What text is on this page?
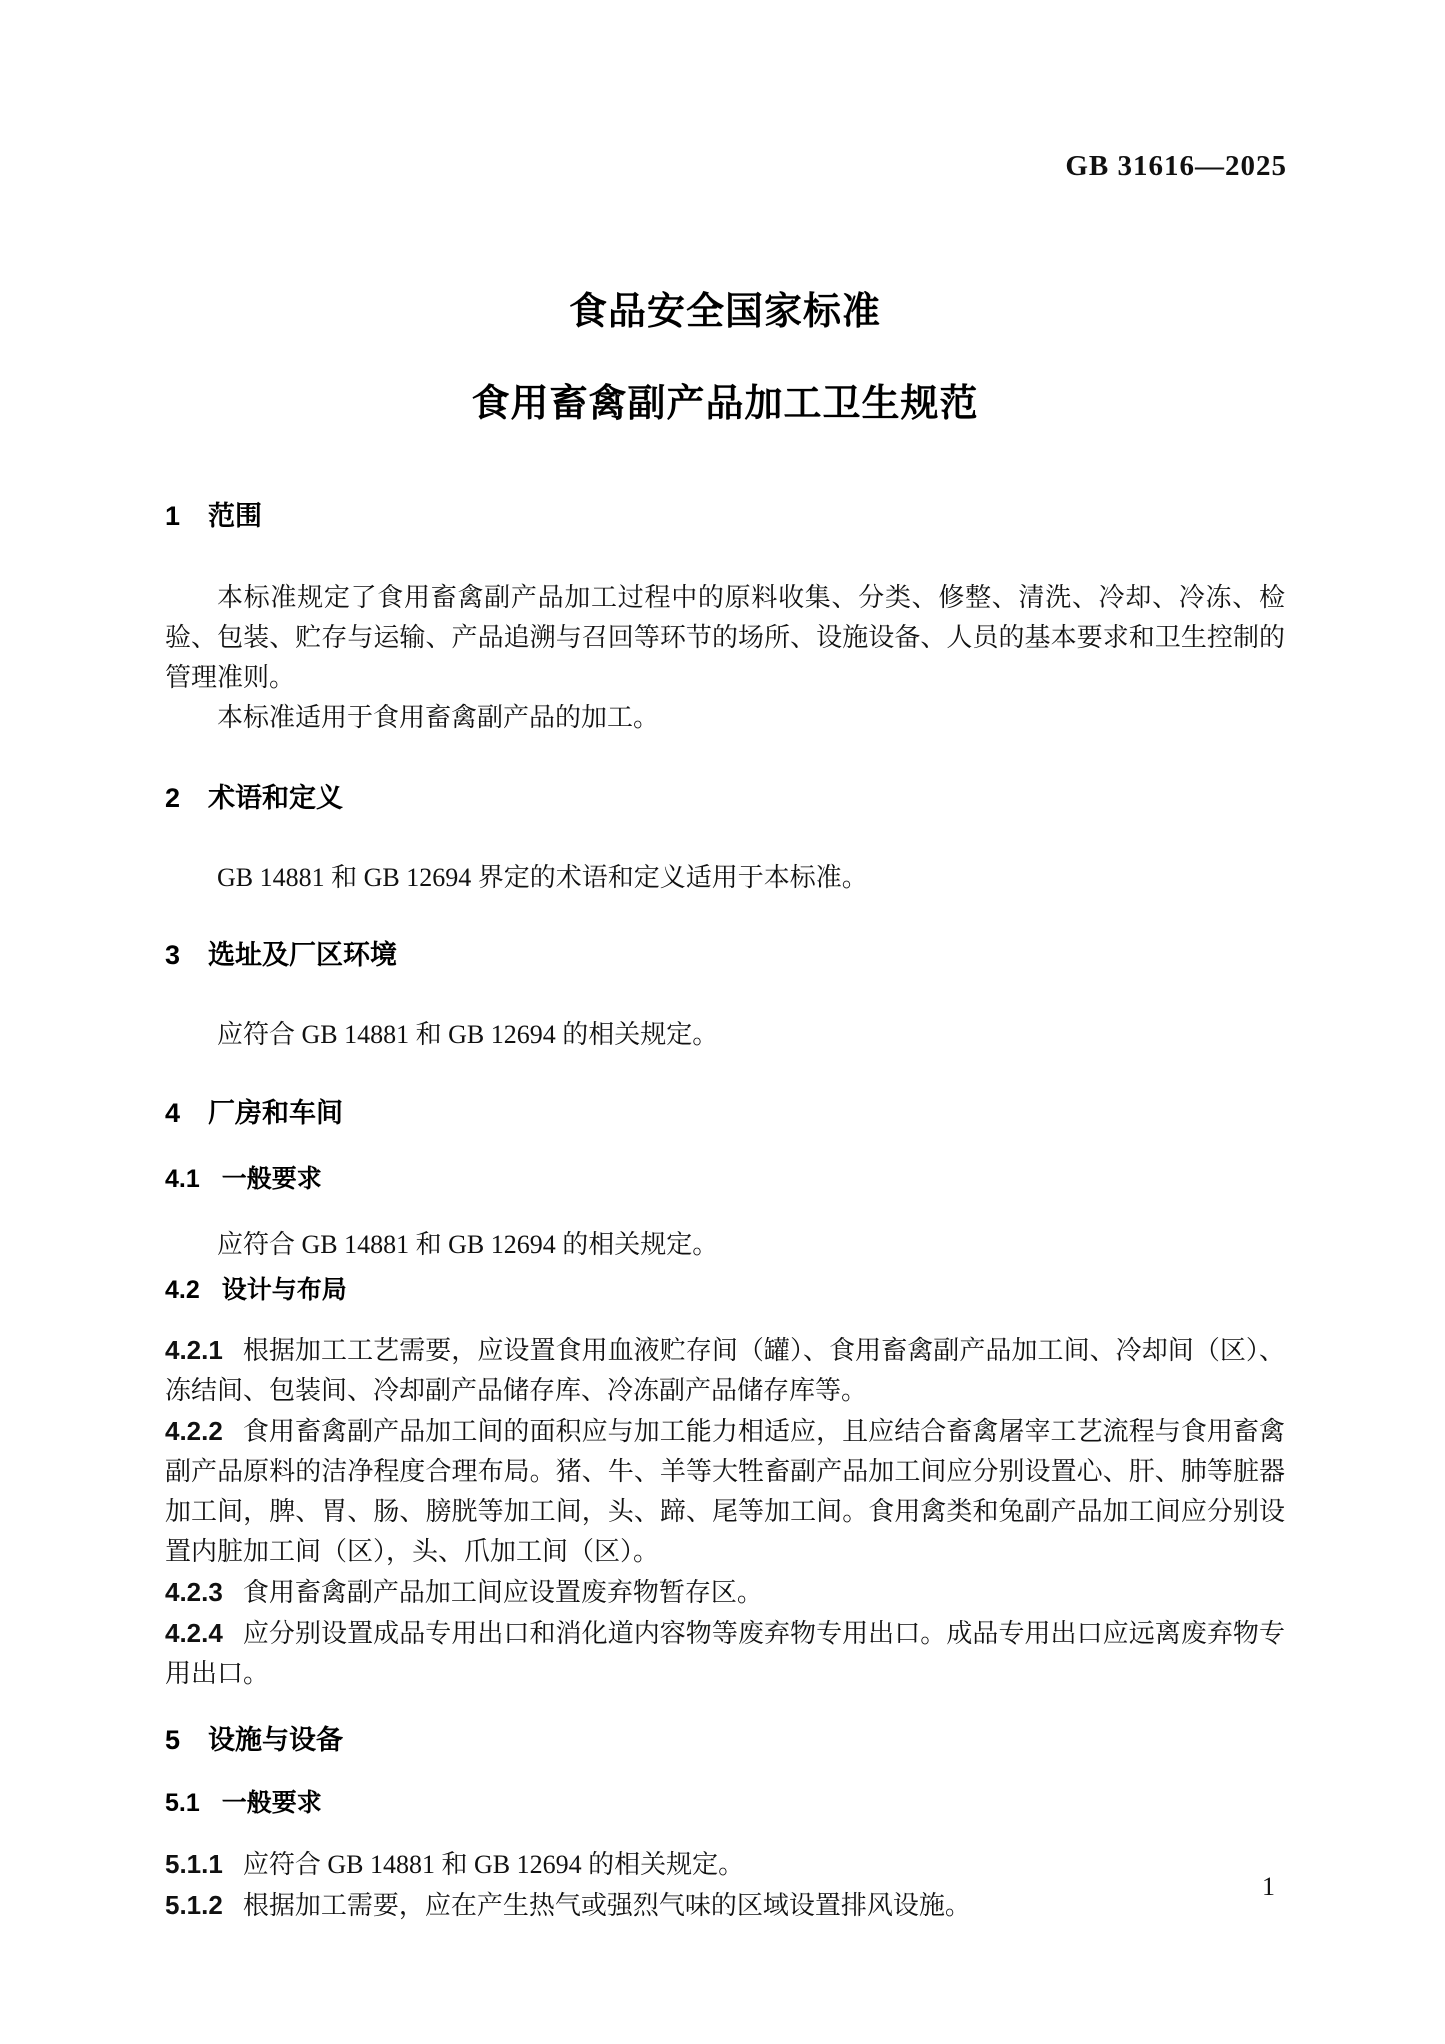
GB 31616—2025
食品安全国家标准
食用畜禽副产品加工卫生规范
1 范围

本标准规定了食用畜禽副产品加工过程中的原料收集、分类、修整、清洗、冷却、冷冻、检验、包装、贮存与运输、产品追溯与召回等环节的场所、设施设备、人员的基本要求和卫生控制的管理准则。

本标准适用于食用畜禽副产品的加工。

2 术语和定义

GB 14881 和 GB 12694 界定的术语和定义适用于本标准。

3 选址及厂区环境

应符合 GB 14881 和 GB 12694 的相关规定。

4 厂房和车间
4.1 一般要求

应符合 GB 14881 和 GB 12694 的相关规定。

4.2 设计与布局

4.2.1 根据加工工艺需要，应设置食用血液贮存间（罐）、食用畜禽副产品加工间、冷却间（区）、冻结间、包装间、冷却副产品储存库、冷冻副产品储存库等。

4.2.2 食用畜禽副产品加工间的面积应与加工能力相适应，且应结合畜禽屠宰工艺流程与食用畜禽副产品原料的洁净程度合理布局。猪、牛、羊等大牲畜副产品加工间应分别设置心、肝、肺等脏器加工间，脾、胃、肠、膀胱等加工间，头、蹄、尾等加工间。食用禽类和兔副产品加工间应分别设置内脏加工间（区），头、爪加工间（区）。

4.2.3 食用畜禽副产品加工间应设置废弃物暂存区。

4.2.4 应分别设置成品专用出口和消化道内容物等废弃物专用出口。成品专用出口应远离废弃物专用出口。

5 设施与设备
5.1 一般要求

5.1.1 应符合 GB 14881 和 GB 12694 的相关规定。

5.1.2 根据加工需要，应在产生热气或强烈气味的区域设置排风设施。

1
